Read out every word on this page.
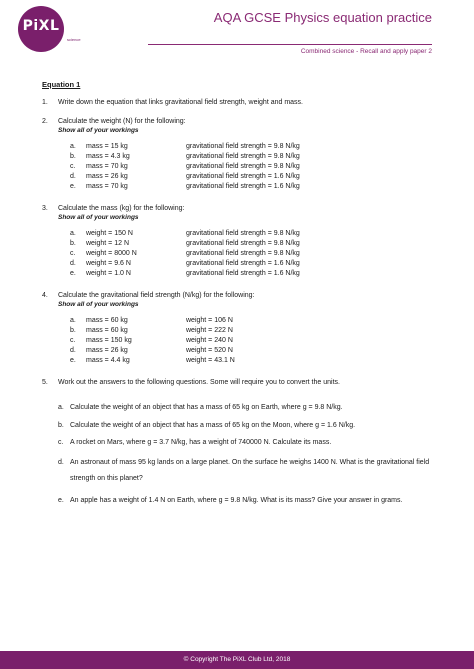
PiXL
science
AQA GCSE Physics equation practice
Combined science - Recall and apply paper 2
Equation 1
1. Write down the equation that links gravitational field strength, weight and mass.
2. Calculate the weight (N) for the following:
Show all of your workings
a.	mass = 15 kg	gravitational field strength = 9.8 N/kg
b.	mass = 4.3 kg	gravitational field strength = 9.8 N/kg
c.	mass = 70 kg	gravitational field strength = 9.8 N/kg
d.	mass = 26 kg	gravitational field strength = 1.6 N/kg
e.	mass = 70 kg	gravitational field strength = 1.6 N/kg
3. Calculate the mass (kg) for the following:
Show all of your workings
a.	weight = 150 N	gravitational field strength = 9.8 N/kg
b.	weight = 12 N	gravitational field strength = 9.8 N/kg
c.	weight = 8000 N	gravitational field strength = 9.8 N/kg
d.	weight = 9.6 N	gravitational field strength = 1.6 N/kg
e.	weight = 1.0 N	gravitational field strength = 1.6 N/kg
4. Calculate the gravitational field strength (N/kg) for the following:
Show all of your workings
a.	mass = 60 kg	weight = 106 N
b.	mass = 60 kg	weight = 222 N
c.	mass = 150 kg	weight = 240 N
d.	mass = 26 kg	weight = 520 N
e.	mass = 4.4 kg	weight = 43.1 N
5. Work out the answers to the following questions. Some will require you to convert the units.
a. Calculate the weight of an object that has a mass of 65 kg on Earth, where g = 9.8 N/kg.
b. Calculate the weight of an object that has a mass of 65 kg on the Moon, where g = 1.6 N/kg.
c. A rocket on Mars, where g = 3.7 N/kg, has a weight of 740000 N. Calculate its mass.
d. An astronaut of mass 95 kg lands on a large planet. On the surface he weighs 1400 N. What is the gravitational field strength on this planet?
e. An apple has a weight of 1.4 N on Earth, where g = 9.8 N/kg. What is its mass? Give your answer in grams.
© Copyright The PiXL Club Ltd, 2018
